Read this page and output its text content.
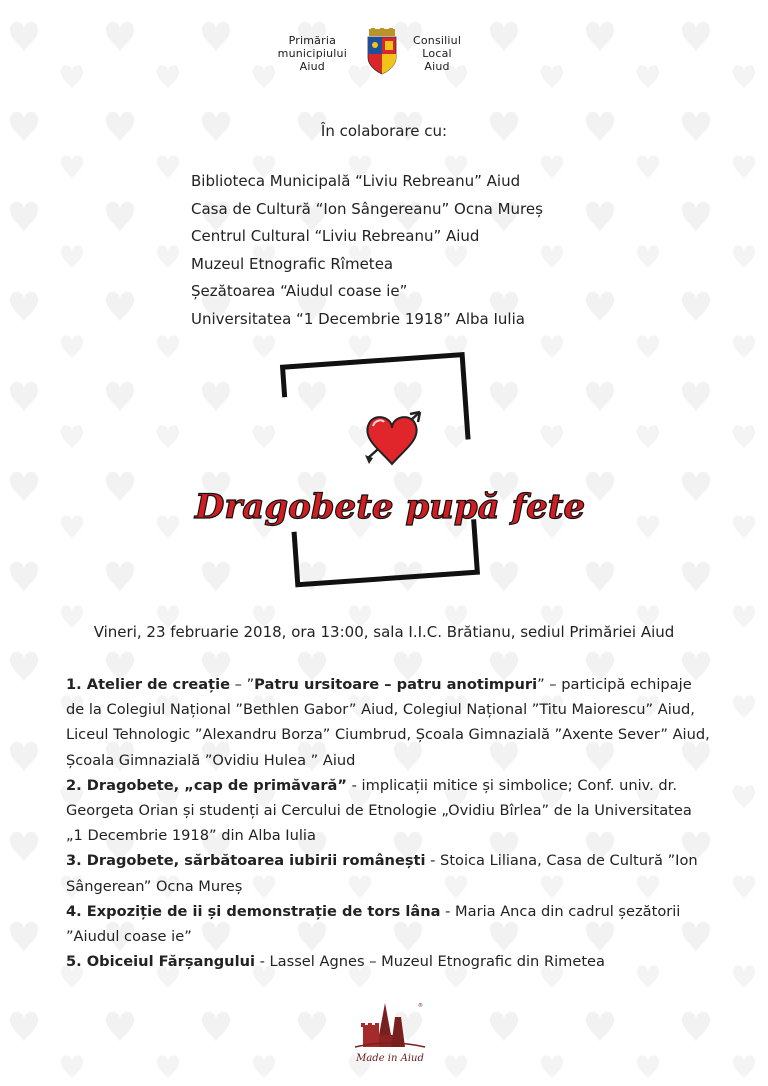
Primăria
municipiului
Aiud
Consiliul
Local
Aiud
În colaborare cu:
Biblioteca Municipală “Liviu Rebreanu” Aiud
Casa de Cultură “Ion Sângereanu” Ocna Mureș
Centrul Cultural “Liviu Rebreanu” Aiud
Muzeul Etnografic Rîmetea
Șezătoarea “Aiudul coase ie”
Universitatea “1 Decembrie 1918” Alba Iulia
Dragobete pupă fete
Vineri, 23 februarie 2018, ora 13:00, sala I.I.C. Brătianu, sediul Primăriei Aiud
1. Atelier de creație – ”Patru ursitoare – patru anotimpuri” – participă echipaje de la Colegiul Național ”Bethlen Gabor” Aiud, Colegiul Național ”Titu Maiorescu” Aiud, Liceul Tehnologic ”Alexandru Borza” Ciumbrud, Școala Gimnazială ”Axente Sever” Aiud, Școala Gimnazială ”Ovidiu Hulea ” Aiud
2. Dragobete, „cap de primăvară” - implicații mitice și simbolice; Conf. univ. dr. Georgeta Orian și studenți ai Cercului de Etnologie „Ovidiu Bîrlea” de la Universitatea „1 Decembrie 1918” din Alba Iulia
3. Dragobete, sărbătoarea iubirii românești - Stoica Liliana, Casa de Cultură ”Ion Sângerean” Ocna Mureș
4. Expoziție de ii și demonstrație de tors lâna - Maria Anca din cadrul șezătorii ”Aiudul coase ie”
5. Obiceiul Fărșangului - Lassel Agnes – Muzeul Etnografic din Rimetea
Made in Aiud
®
